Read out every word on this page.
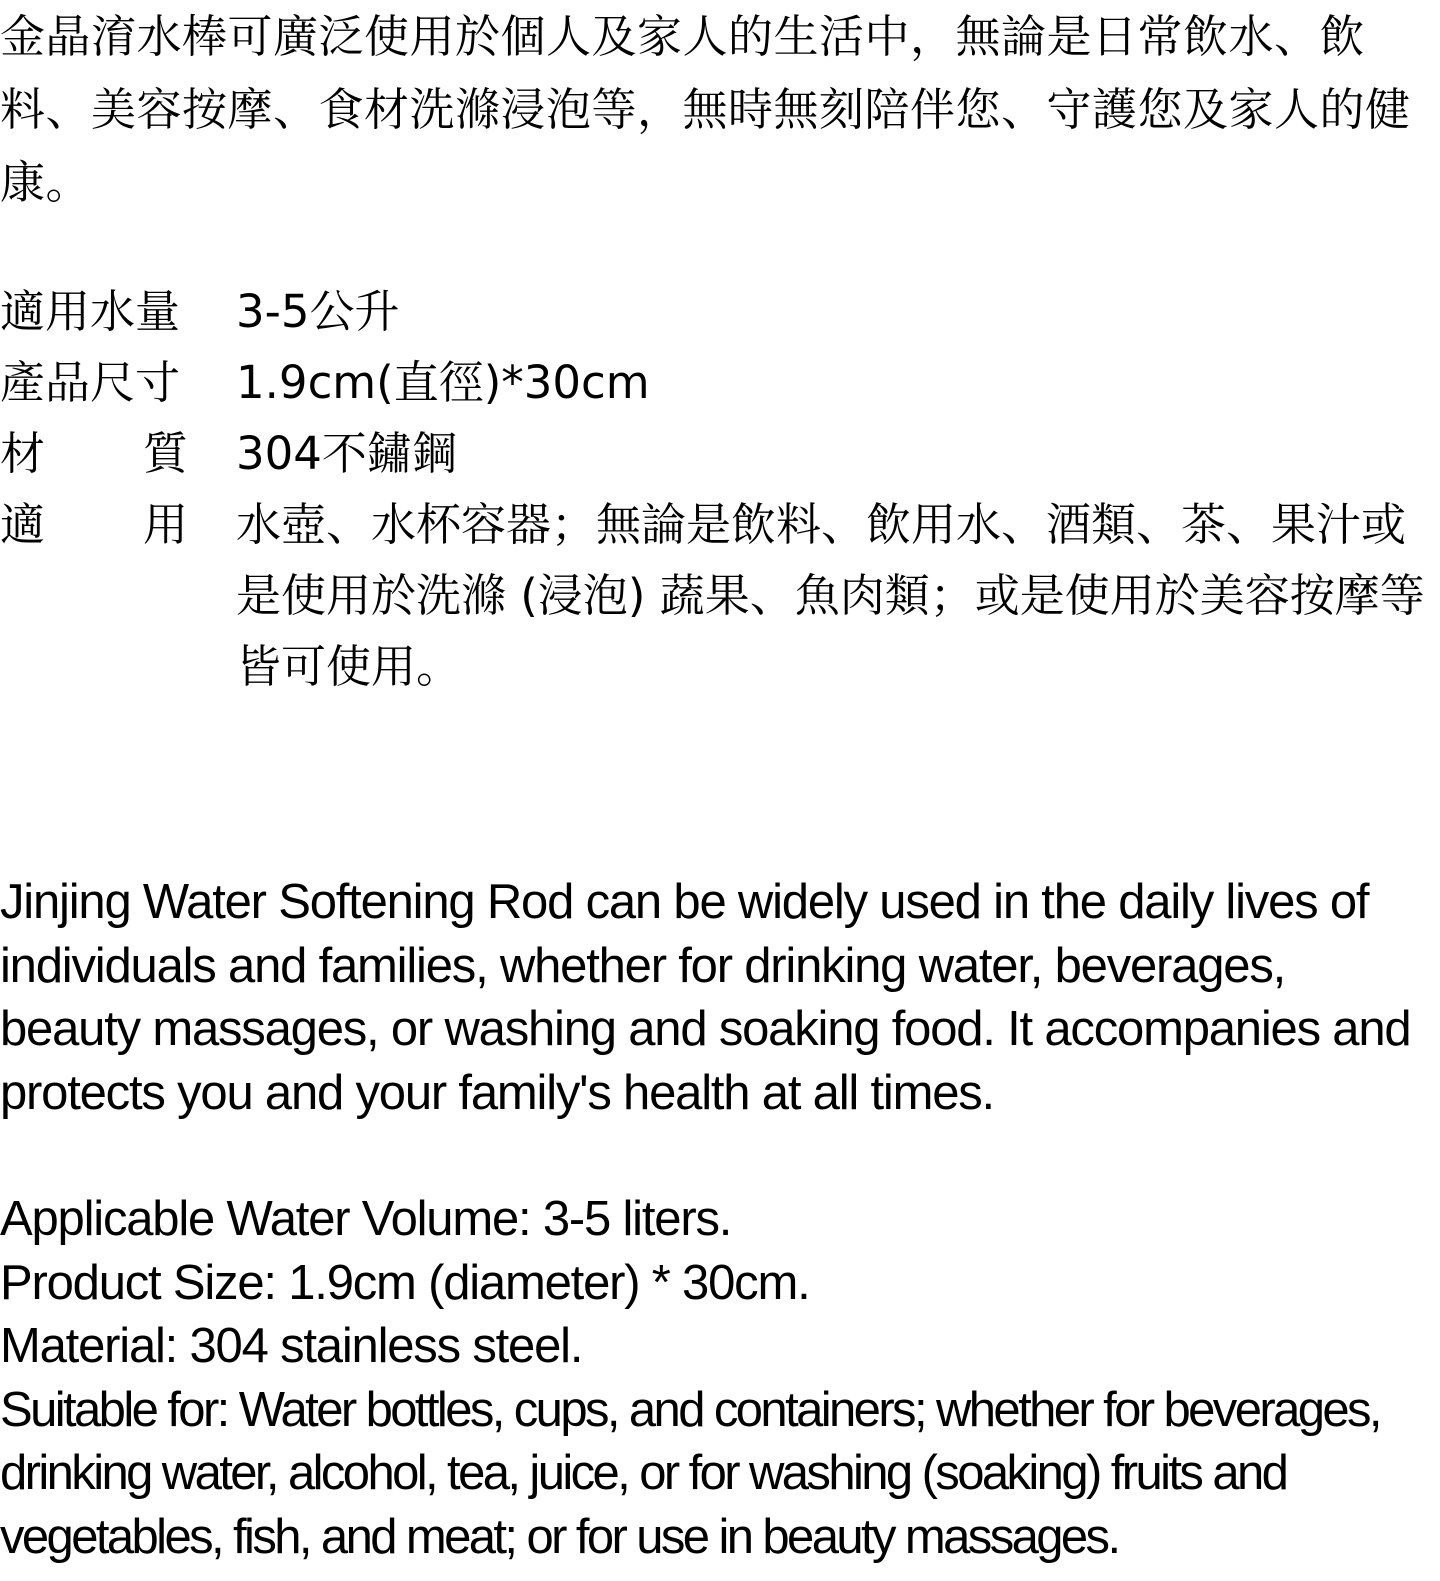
金晶淯水棒可廣泛使用於個人及家人的生活中，無論是日常飲水、飲料、美容按摩、食材洗滌浸泡等，無時無刻陪伴您、守護您及家人的健康。

適用水量	3-5公升
產品尺寸	1.9cm(直徑)*30cm
材 質 304不鏽鋼
適 用 水壺、水杯容器；無論是飲料、飲用水、酒類、茶、果汁或是使用於洗滌 (浸泡) 蔬果、魚肉類；或是使用於美容按摩等皆可使用。

Jinjing Water Softening Rod can be widely used in the daily lives of individuals and families, whether for drinking water, beverages, beauty massages, or washing and soaking food. It accompanies and protects you and your family's health at all times.

Applicable Water Volume: 3-5 liters.
Product Size: 1.9cm (diameter) * 30cm.
Material: 304 stainless steel.
Suitable for: Water bottles, cups, and containers; whether for beverages, drinking water, alcohol, tea, juice, or for washing (soaking) fruits and vegetables, fish, and meat; or for use in beauty massages.
